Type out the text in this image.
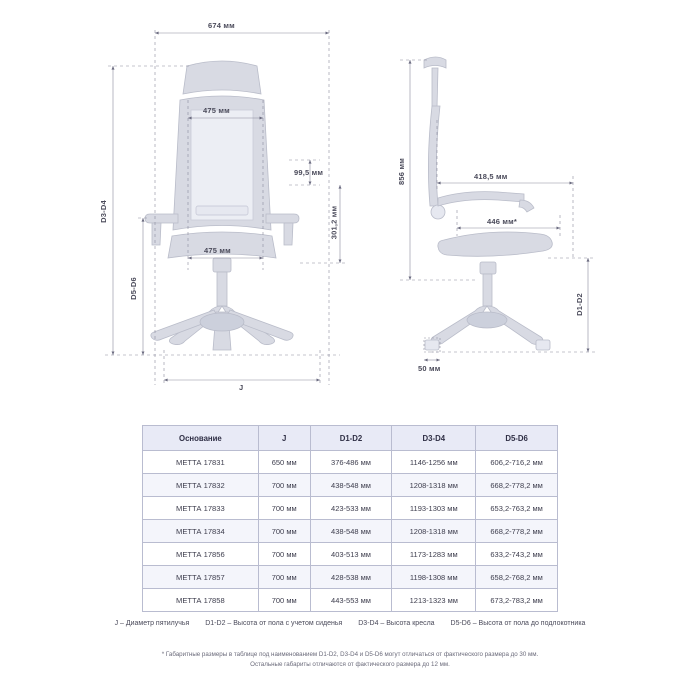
674 мм
475 мм
475 мм
99,5 мм
301,2 мм
D3-D4
D5-D6
J
856 мм	418,5 мм
446 мм*
D1-D2
50 мм
Основание	J	D1-D2	D3-D4	D5-D6
МЕТТА 17831	650 мм	376-486 мм	1146-1256 мм	606,2-716,2 мм
МЕТТА 17832	700 мм	438-548 мм	1208-1318 мм	668,2-778,2 мм
МЕТТА 17833	700 мм	423-533 мм	1193-1303 мм	653,2-763,2 мм
МЕТТА 17834	700 мм	438-548 мм	1208-1318 мм	668,2-778,2 мм
МЕТТА 17856	700 мм	403-513 мм	1173-1283 мм	633,2-743,2 мм
МЕТТА 17857	700 мм	428-538 мм	1198-1308 мм	658,2-768,2 мм
МЕТТА 17858	700 мм	443-553 мм	1213-1323 мм	673,2-783,2 мм
J – Диаметр пятилучья D1-D2 – Высота от пола с учетом сиденья D3-D4 – Высота кресла D5-D6 – Высота от пола до подлокотника
* Габаритные размеры в таблице под наименованием D1-D2, D3-D4 и D5-D6 могут отличаться от фактического размера до 30 мм.
Остальные габариты отличаются от фактического размера до 12 мм.
